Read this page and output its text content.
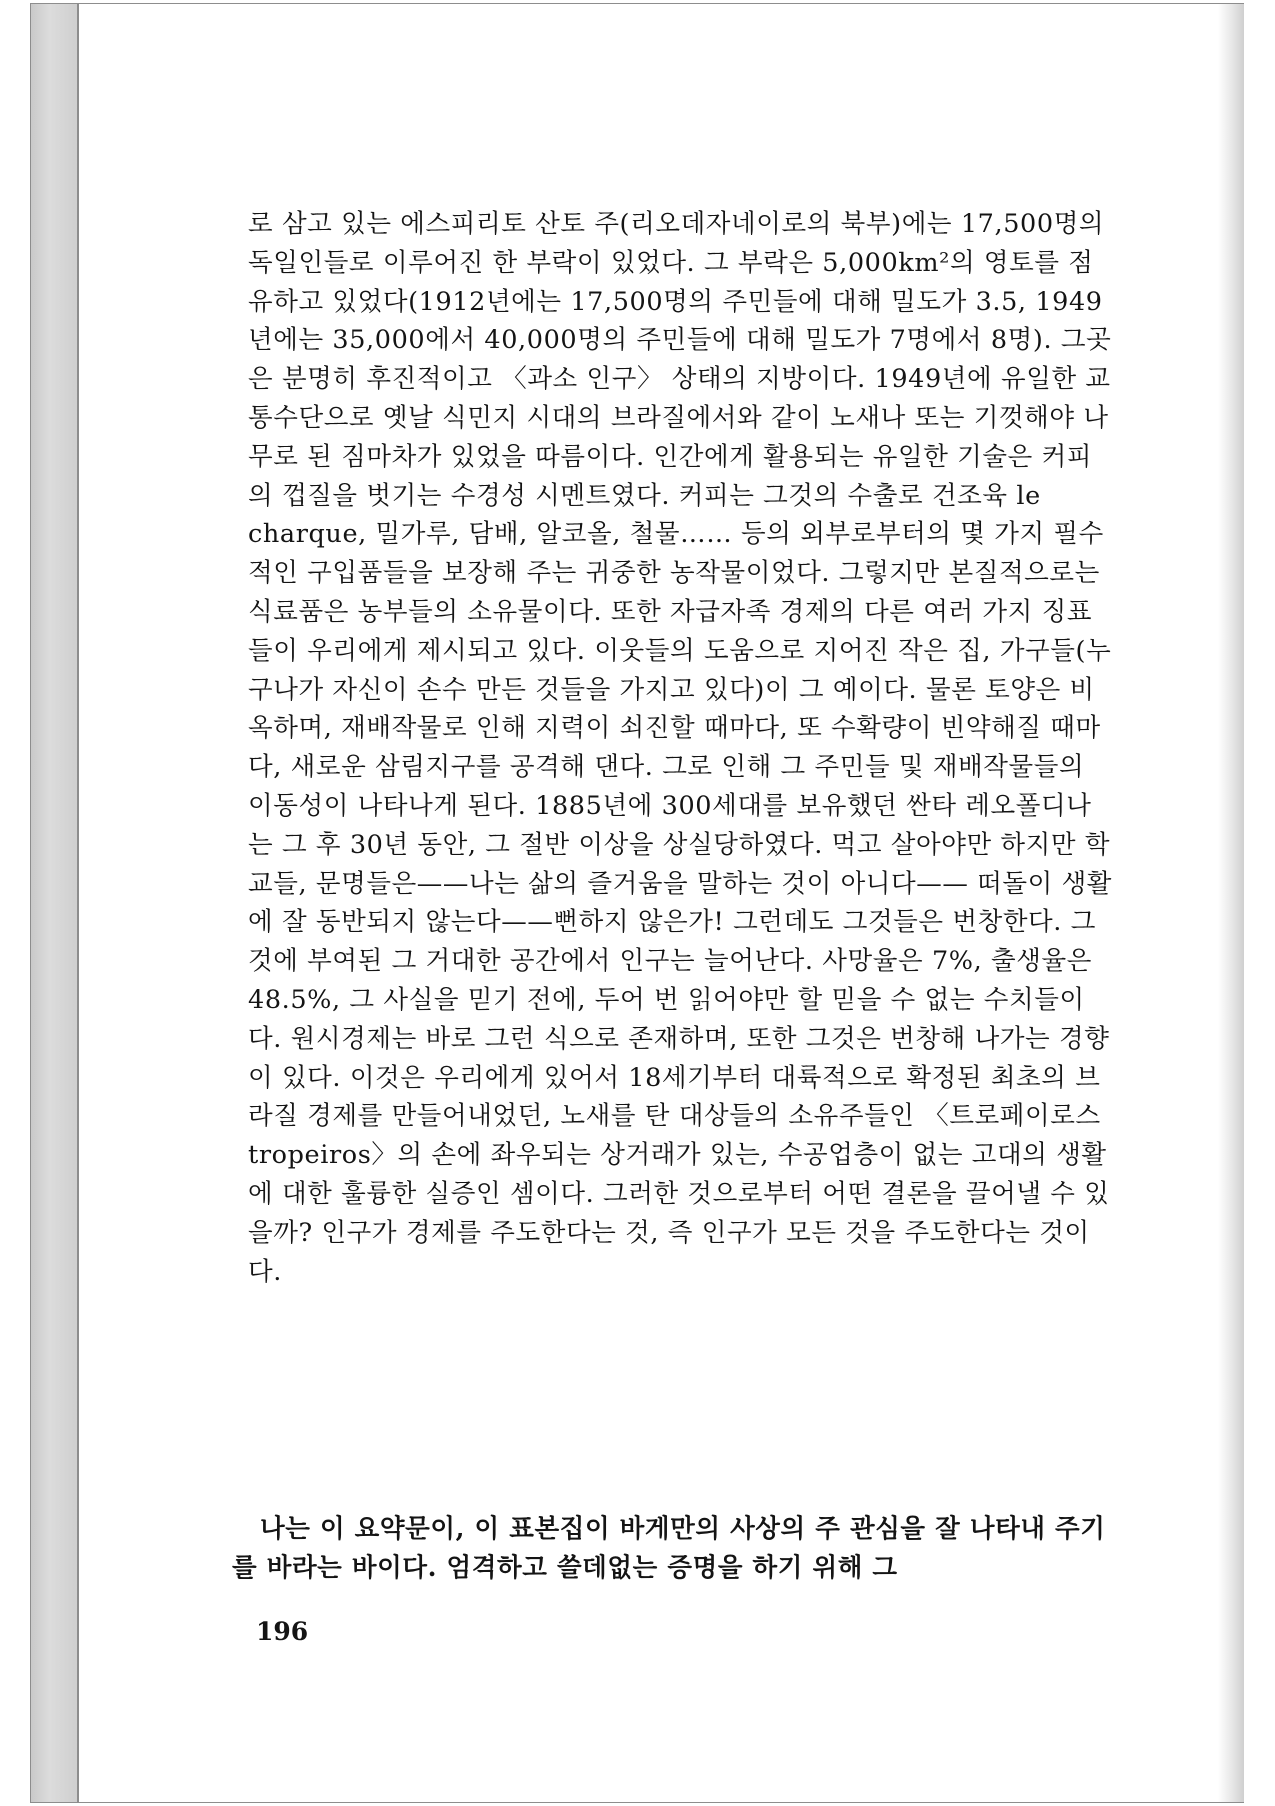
로 삼고 있는 에스피리토 산토 주(리오데자네이로의 북부)에는 17,500명의 독일인들로 이루어진 한 부락이 있었다. 그 부락은 5,000km²의 영토를 점유하고 있었다(1912년에는 17,500명의 주민들에 대해 밀도가 3.5, 1949년에는 35,000에서 40,000명의 주민들에 대해 밀도가 7명에서 8명). 그곳은 분명히 후진적이고 〈과소 인구〉 상태의 지방이다. 1949년에 유일한 교통수단으로 옛날 식민지 시대의 브라질에서와 같이 노새나 또는 기껏해야 나무로 된 짐마차가 있었을 따름이다. 인간에게 활용되는 유일한 기술은 커피의 껍질을 벗기는 수경성 시멘트였다. 커피는 그것의 수출로 건조육 le charque, 밀가루, 담배, 알코올, 철물…… 등의 외부로부터의 몇 가지 필수적인 구입품들을 보장해 주는 귀중한 농작물이었다. 그렇지만 본질적으로는 식료품은 농부들의 소유물이다. 또한 자급자족 경제의 다른 여러 가지 징표들이 우리에게 제시되고 있다. 이웃들의 도움으로 지어진 작은 집, 가구들(누구나가 자신이 손수 만든 것들을 가지고 있다)이 그 예이다. 물론 토양은 비옥하며, 재배작물로 인해 지력이 쇠진할 때마다, 또 수확량이 빈약해질 때마다, 새로운 삼림지구를 공격해 댄다. 그로 인해 그 주민들 및 재배작물들의 이동성이 나타나게 된다. 1885년에 300세대를 보유했던 싼타 레오폴디나는 그 후 30년 동안, 그 절반 이상을 상실당하였다. 먹고 살아야만 하지만 학교들, 문명들은——나는 삶의 즐거움을 말하는 것이 아니다—— 떠돌이 생활에 잘 동반되지 않는다——뻔하지 않은가! 그런데도 그것들은 번창한다. 그것에 부여된 그 거대한 공간에서 인구는 늘어난다. 사망율은 7%, 출생율은 48.5%, 그 사실을 믿기 전에, 두어 번 읽어야만 할 믿을 수 없는 수치들이다. 원시경제는 바로 그런 식으로 존재하며, 또한 그것은 번창해 나가는 경향이 있다. 이것은 우리에게 있어서 18세기부터 대륙적으로 확정된 최초의 브라질 경제를 만들어내었던, 노새를 탄 대상들의 소유주들인 〈트로페이로스 tropeiros〉의 손에 좌우되는 상거래가 있는, 수공업층이 없는 고대의 생활에 대한 훌륭한 실증인 셈이다. 그러한 것으로부터 어떤 결론을 끌어낼 수 있을까? 인구가 경제를 주도한다는 것, 즉 인구가 모든 것을 주도한다는 것이다.

나는 이 요약문이, 이 표본집이 바게만의 사상의 주 관심을 잘 나타내 주기를 바라는 바이다. 엄격하고 쓸데없는 증명을 하기 위해 그
196
